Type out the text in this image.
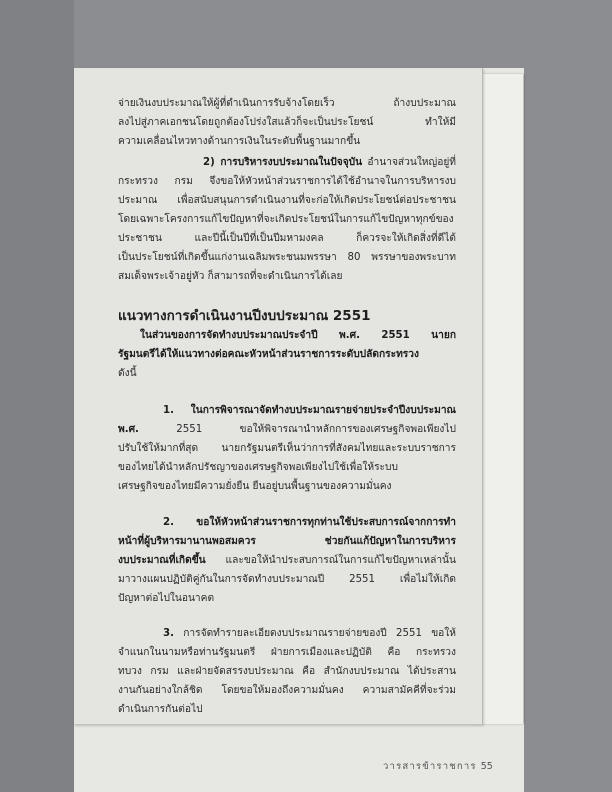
จ่ายเงินงบประมาณให้ผู้ที่ดำเนินการรับจ้างโดยเร็ว ถ้างบประมาณ
ลงไปสู่ภาคเอกชนโดยถูกต้องโปร่งใสแล้วก็จะเป็นประโยชน์ ทำให้มี
ความเคลื่อนไหวทางด้านการเงินในระดับพื้นฐานมากขึ้น
2) การบริหารงบประมาณในปัจจุบัน อำนาจส่วนใหญ่อยู่ที่
กระทรวง กรม จึงขอให้หัวหน้าส่วนราชการได้ใช้อำนาจในการบริหารงบ
ประมาณ เพื่อสนับสนุนการดำเนินงานที่จะก่อให้เกิดประโยชน์ต่อประชาชน
โดยเฉพาะโครงการแก้ไขปัญหาที่จะเกิดประโยชน์ในการแก้ไขปัญหาทุกข์ของ
ประชาชน และปีนี้เป็นปีที่เป็นปีมหามงคล ก็ควรจะให้เกิดสิ่งที่ดีได้
เป็นประโยชน์ที่เกิดขึ้นแก่งานเฉลิมพระชนมพรรษา 80 พรรษาของพระบาท
สมเด็จพระเจ้าอยู่หัว ก็สามารถที่จะดำเนินการได้เลย
แนวทางการดำเนินงานปีงบประมาณ 2551
ในส่วนของการจัดทำงบประมาณประจำปี พ.ศ. 2551 นายก
รัฐมนตรีได้ให้แนวทางต่อคณะหัวหน้าส่วนราชการระดับปลัดกระทรวง
ดังนี้
1. ในการพิจารณาจัดทำงบประมาณรายจ่ายประจำปีงบประมาณ
พ.ศ. 2551 ขอให้พิจารณานำหลักการของเศรษฐกิจพอเพียงไป
ปรับใช้ให้มากที่สุด นายกรัฐมนตรีเห็นว่าการที่สังคมไทยและระบบราชการ
ของไทยได้นำหลักปรัชญาของเศรษฐกิจพอเพียงไปใช้เพื่อให้ระบบ
เศรษฐกิจของไทยมีความยั่งยืน ยืนอยู่บนพื้นฐานของความมั่นคง
2. ขอให้หัวหน้าส่วนราชการทุกท่านใช้ประสบการณ์จากการทำ
หน้าที่ผู้บริหารมานานพอสมควร ช่วยกันแก้ปัญหาในการบริหาร
งบประมาณที่เกิดขึ้น และขอให้นำประสบการณ์ในการแก้ไขปัญหาเหล่านั้น
มาวางแผนปฏิบัติคู่กันในการจัดทำงบประมาณปี 2551 เพื่อไม่ให้เกิด
ปัญหาต่อไปในอนาคต
3. การจัดทำรายละเอียดงบประมาณรายจ่ายของปี 2551 ขอให้
จำแนกในนามหรือท่านรัฐมนตรี ฝ่ายการเมืองและปฏิบัติ คือ กระทรวง
ทบวง กรม และฝ่ายจัดสรรงบประมาณ คือ สำนักงบประมาณ ได้ประสาน
งานกันอย่างใกล้ชิด โดยขอให้มองถึงความมั่นคง ความสามัคคีที่จะร่วม
ดำเนินการกันต่อไป
วารสารข้าราชการ 55
